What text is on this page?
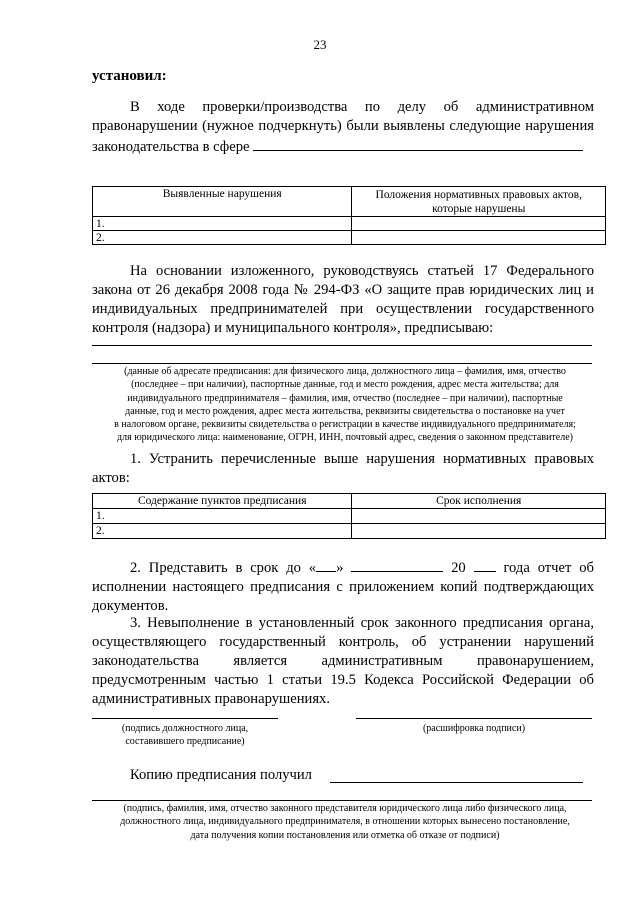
23
установил:

В ходе проверки/производства по делу об административном правонарушении (нужное подчеркнуть) были выявлены следующие нарушения законодательства в сфере

Выявленные нарушения	Положения нормативных правовых актов, которые нарушены
1.	
2.	

На основании изложенного, руководствуясь статьей 17 Федерального закона от 26 декабря 2008 года № 294-ФЗ «О защите прав юридических лиц и индивидуальных предпринимателей при осуществлении государственного контроля (надзора) и муниципального контроля», предписываю:

(данные об адресате предписания: для физического лица, должностного лица – фамилия, имя, отчество
(последнее – при наличии), паспортные данные, год и место рождения, адрес места жительства; для
индивидуального предпринимателя – фамилия, имя, отчество (последнее – при наличии), паспортные
данные, год и место рождения, адрес места жительства, реквизиты свидетельства о постановке на учет
в налоговом органе, реквизиты свидетельства о регистрации в качестве индивидуального предпринимателя;
для юридического лица: наименование, ОГРН, ИНН, почтовый адрес, сведения о законном представителе)

1. Устранить перечисленные выше нарушения нормативных правовых актов:

Содержание пунктов предписания	Срок исполнения
1.	
2.	

2. Представить в срок до « »	20	года отчет об исполнении настоящего предписания с приложением копий подтверждающих документов.

3. Невыполнение в установленный срок законного предписания органа, осуществляющего государственный контроль, об устранении нарушений законодательства является административным правонарушением, предусмотренным частью 1 статьи 19.5 Кодекса Российской Федерации об административных правонарушениях.

(подпись должностного лица,
составившего предписание)
(расшифровка подписи)
Копию предписания получил
(подпись, фамилия, имя, отчество законного представителя юридического лица либо физического лица,
должностного лица, индивидуального предпринимателя, в отношении которых вынесено постановление,
дата получения копии постановления или отметка об отказе от подписи)
